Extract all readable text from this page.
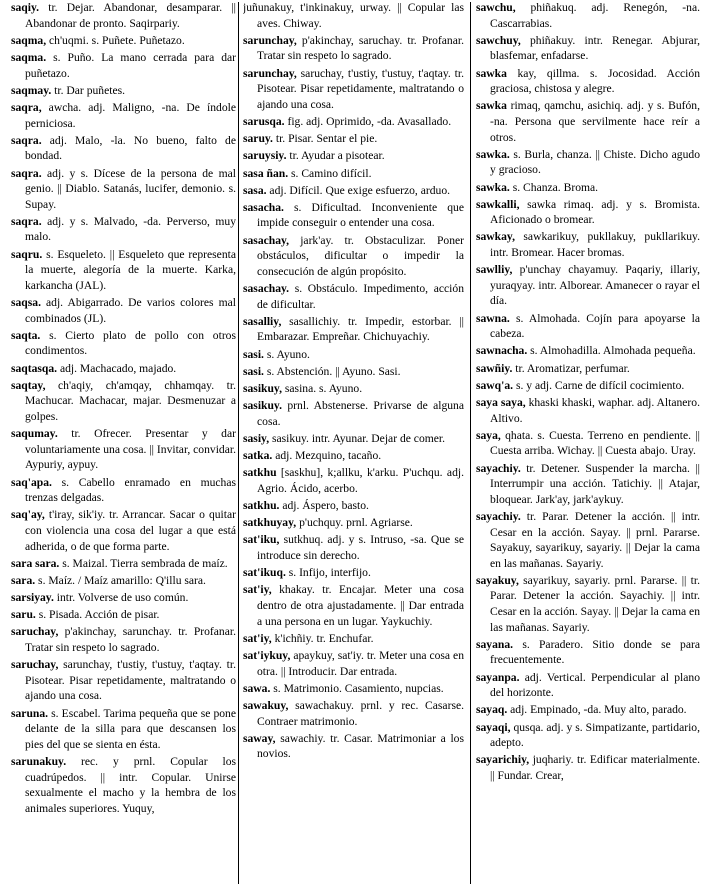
saqiy. tr. Dejar. Abandonar, desamparar. || Abandonar de pronto. Saqirpariy.

saqma, ch'uqmi. s. Puñete. Puñetazo.

saqma. s. Puño. La mano cerrada para dar puñetazo.

saqmay. tr. Dar puñetes.

saqra, awcha. adj. Maligno, -na. De índole perniciosa.

saqra. adj. Malo, -la. No bueno, falto de bondad.

saqra. adj. y s. Dícese de la persona de mal genio. || Diablo. Satanás, lucifer, demonio. s. Supay.

saqra. adj. y s. Malvado, -da. Perverso, muy malo.

saqru. s. Esqueleto. || Esqueleto que representa la muerte, alegoría de la muerte. Karka, karkancha (JAL).

saqsa. adj. Abigarrado. De varios colores mal combinados (JL).

saqta. s. Cierto plato de pollo con otros condimentos.

saqtasqa. adj. Machacado, majado.

saqtay, ch'aqiy, ch'amqay, chhamqay. tr. Machucar. Machacar, majar. Desmenuzar a golpes.

saqumay. tr. Ofrecer. Presentar y dar voluntariamente una cosa. || Invitar, convidar. Aypuriy, aypuy.

saq'apa. s. Cabello enramado en muchas trenzas delgadas.

saq'ay, t'iray, sik'iy. tr. Arrancar. Sacar o quitar con violencia una cosa del lugar a que está adherida, o de que forma parte.

sara sara. s. Maizal. Tierra sembrada de maíz.

sara. s. Maíz. / Maíz amarillo: Q'illu sara.

sarsiyay. intr. Volverse de uso común.

saru. s. Pisada. Acción de pisar.

saruchay, p'akinchay, sarunchay. tr. Profanar. Tratar sin respeto lo sagrado.

saruchay, sarunchay, t'ustiy, t'ustuy, t'aqtay. tr. Pisotear. Pisar repetidamente, maltratando o ajando una cosa.

saruna. s. Escabel. Tarima pequeña que se pone delante de la silla para que descansen los pies del que se sienta en ésta.

sarunakuy. rec. y prnl. Copular los cuadrúpedos. || intr. Copular. Unirse sexualmente el macho y la hembra de los animales superiores. Yuquy,

juñunakuy, t'inkinakuy, urway. || Copular las aves. Chiway.

sarunchay, p'akinchay, saruchay. tr. Profanar. Tratar sin respeto lo sagrado.

sarunchay, saruchay, t'ustiy, t'ustuy, t'aqtay. tr. Pisotear. Pisar repetidamente, maltratando o ajando una cosa.

sarusqa. fig. adj. Oprimido, -da. Avasallado.

saruy. tr. Pisar. Sentar el pie.

saruysiy. tr. Ayudar a pisotear.

sasa ñan. s. Camino difícil.

sasa. adj. Difícil. Que exige esfuerzo, arduo.

sasacha. s. Dificultad. Inconveniente que impide conseguir o entender una cosa.

sasachay, jark'ay. tr. Obstaculizar. Poner obstáculos, dificultar o impedir la consecución de algún propósito.

sasachay. s. Obstáculo. Impedimento, acción de dificultar.

sasalliy, sasallichiy. tr. Impedir, estorbar. || Embarazar. Empreñar. Chichuyachiy.

sasi. s. Ayuno.

sasi. s. Abstención. || Ayuno. Sasi.

sasikuy, sasina. s. Ayuno.

sasikuy. prnl. Abstenerse. Privarse de alguna cosa.

sasiy, sasikuy. intr. Ayunar. Dejar de comer.

satka. adj. Mezquino, tacaño.

satkhu [saskhu], k;allku, k'arku. P'uchqu. adj. Agrio. Ácido, acerbo.

satkhu. adj. Áspero, basto.

satkhuyay, p'uchquy. prnl. Agriarse.

sat'iku, sutkhuq. adj. y s. Intruso, -sa. Que se introduce sin derecho.

sat'ikuq. s. Infijo, interfijo.

sat'iy, khakay. tr. Encajar. Meter una cosa dentro de otra ajustadamente. || Dar entrada a una persona en un lugar. Yaykuchiy.

sat'iy, k'ichñiy. tr. Enchufar.

sat'iykuy, apaykuy, sat'iy. tr. Meter una cosa en otra. || Introducir. Dar entrada.

sawa. s. Matrimonio. Casamiento, nupcias.

sawakuy, sawachakuy. prnl. y rec. Casarse. Contraer matrimonio.

saway, sawachiy. tr. Casar. Matrimoniar a los novios.

sawchu, phiñakuq. adj. Renegón, -na. Cascarrabias.

sawchuy, phiñakuy. intr. Renegar. Abjurar, blasfemar, enfadarse.

sawka kay, qillma. s. Jocosidad. Acción graciosa, chistosa y alegre.

sawka rimaq, qamchu, asichiq. adj. y s. Bufón, -na. Persona que servilmente hace reír a otros.

sawka. s. Burla, chanza. || Chiste. Dicho agudo y gracioso.

sawka. s. Chanza. Broma.

sawkalli, sawka rimaq. adj. y s. Bromista. Aficionado o bromear.

sawkay, sawkarikuy, pukllakuy, pukllarikuy. intr. Bromear. Hacer bromas.

sawlliy, p'unchay chayamuy. Paqariy, illariy, yuraqyay. intr. Alborear. Amanecer o rayar el día.

sawna. s. Almohada. Cojín para apoyarse la cabeza.

sawnacha. s. Almohadilla. Almohada pequeña.

sawñiy. tr. Aromatizar, perfumar.

sawq'a. s. y adj. Carne de difícil cocimiento.

saya saya, khaski khaski, waphar. adj. Altanero. Altivo.

saya, qhata. s. Cuesta. Terreno en pendiente. || Cuesta arriba. Wichay. || Cuesta abajo. Uray.

sayachiy. tr. Detener. Suspender la marcha. || Interrumpir una acción. Tatichiy. || Atajar, bloquear. Jark'ay, jark'aykuy.

sayachiy. tr. Parar. Detener la acción. || intr. Cesar en la acción. Sayay. || prnl. Pararse. Sayakuy, sayarikuy, sayariy. || Dejar la cama en las mañanas. Sayariy.

sayakuy, sayarikuy, sayariy. prnl. Pararse. || tr. Parar. Detener la acción. Sayachiy. || intr. Cesar en la acción. Sayay. || Dejar la cama en las mañanas. Sayariy.

sayana. s. Paradero. Sitio donde se para frecuentemente.

sayanpa. adj. Vertical. Perpendicular al plano del horizonte.

sayaq. adj. Empinado, -da. Muy alto, parado.

sayaqi, qusqa. adj. y s. Simpatizante, partidario, adepto.

sayarichiy, juqhariy. tr. Edificar materialmente. || Fundar. Crear,
